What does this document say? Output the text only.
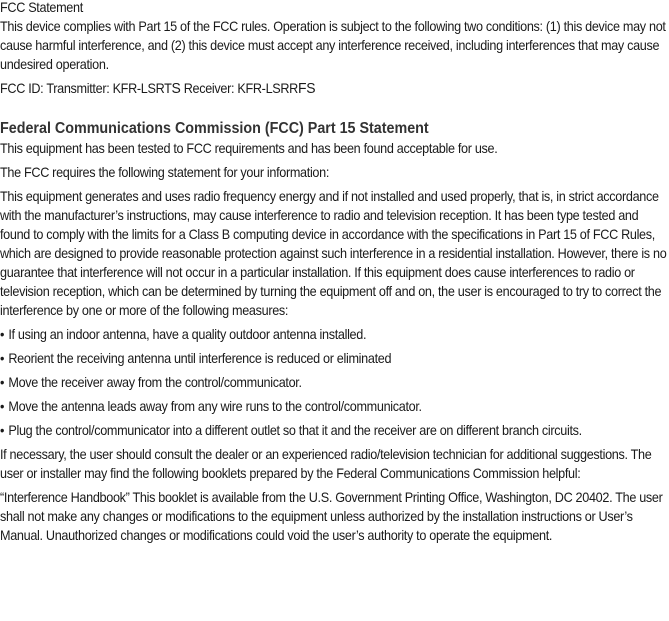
FCC Statement

This device complies with Part 15 of the FCC rules. Operation is subject to the following two conditions: (1) this device may not cause harmful interference, and (2) this device must accept any interference received, including interferences that may cause undesired operation.

FCC ID: Transmitter: KFR-LSRTS Receiver: KFR-LSRRFS

Federal Communications Commission (FCC) Part 15 Statement

This equipment has been tested to FCC requirements and has been found acceptable for use.

The FCC requires the following statement for your information:

This equipment generates and uses radio frequency energy and if not installed and used properly, that is, in strict accordance with the manufacturer’s instructions, may cause interference to radio and television reception. It has been type tested and found to comply with the limits for a Class B computing device in accordance with the specifications in Part 15 of FCC Rules, which are designed to provide reasonable protection against such interference in a residential installation. However, there is no guarantee that interference will not occur in a particular installation. If this equipment does cause interferences to radio or television reception, which can be determined by turning the equipment off and on, the user is encouraged to try to correct the interference by one or more of the following measures:

• If using an indoor antenna, have a quality outdoor antenna installed.
• Reorient the receiving antenna until interference is reduced or eliminated
• Move the receiver away from the control/communicator.
• Move the antenna leads away from any wire runs to the control/communicator.
• Plug the control/communicator into a different outlet so that it and the receiver are on different branch circuits.

If necessary, the user should consult the dealer or an experienced radio/television technician for additional suggestions. The user or installer may find the following booklets prepared by the Federal Communications Commission helpful:

“Interference Handbook” This booklet is available from the U.S. Government Printing Office, Washington, DC 20402. The user shall not make any changes or modifications to the equipment unless authorized by the installation instructions or User’s Manual. Unauthorized changes or modifications could void the user’s authority to operate the equipment.
